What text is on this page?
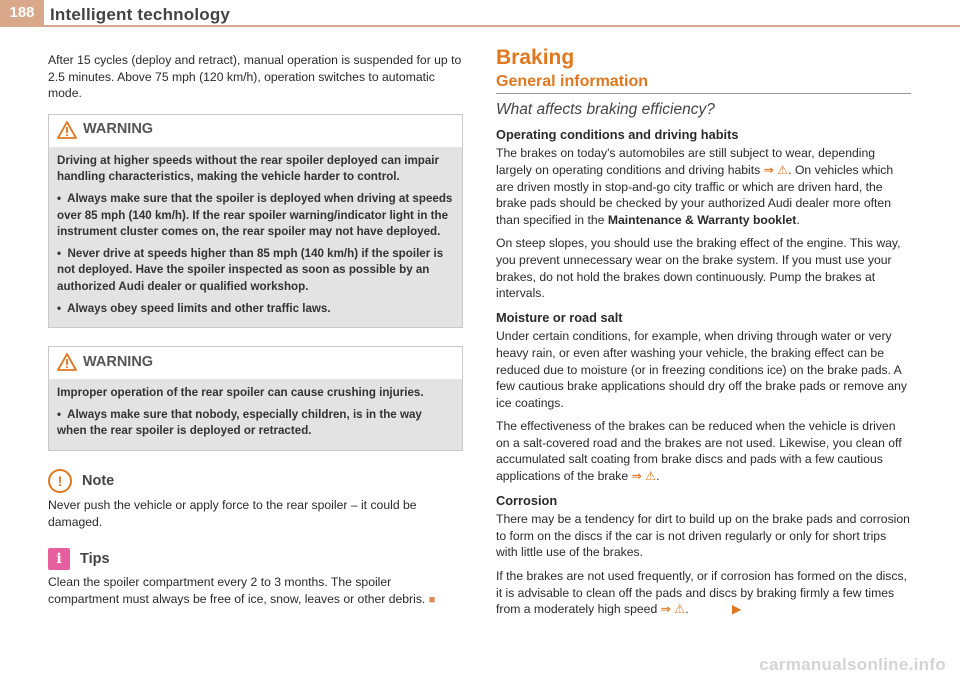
188 Intelligent technology

After 15 cycles (deploy and retract), manual operation is suspended for up to 2.5 minutes. Above 75 mph (120 km/h), operation switches to automatic mode.

WARNING

Driving at higher speeds without the rear spoiler deployed can impair handling characteristics, making the vehicle harder to control.

•  Always make sure that the spoiler is deployed when driving at speeds over 85 mph (140 km/h). If the rear spoiler warning/indicator light in the instrument cluster comes on, the rear spoiler may not have deployed.

•  Never drive at speeds higher than 85 mph (140 km/h) if the spoiler is not deployed. Have the spoiler inspected as soon as possible by an authorized Audi dealer or qualified workshop.

•  Always obey speed limits and other traffic laws.

WARNING

Improper operation of the rear spoiler can cause crushing injuries.

•  Always make sure that nobody, especially children, is in the way when the rear spoiler is deployed or retracted.

!	Note

Never push the vehicle or apply force to the rear spoiler – it could be damaged.

i	Tips

Clean the spoiler compartment every 2 to 3 months. The spoiler compartment must always be free of ice, snow, leaves or other debris. ■

Braking
General information
What affects braking efficiency?
Operating conditions and driving habits

The brakes on today's automobiles are still subject to wear, depending largely on operating conditions and driving habits ⇒ ⚠. On vehicles which are driven mostly in stop-and-go city traffic or which are driven hard, the brake pads should be checked by your authorized Audi dealer more often than specified in the Maintenance & Warranty booklet.

On steep slopes, you should use the braking effect of the engine. This way, you prevent unnecessary wear on the brake system. If you must use your brakes, do not hold the brakes down continuously. Pump the brakes at intervals.

Moisture or road salt

Under certain conditions, for example, when driving through water or very heavy rain, or even after washing your vehicle, the braking effect can be reduced due to moisture (or in freezing conditions ice) on the brake pads. A few cautious brake applications should dry off the brake pads or remove any ice coatings.

The effectiveness of the brakes can be reduced when the vehicle is driven on a salt-covered road and the brakes are not used. Likewise, you clean off accumulated salt coating from brake discs and pads with a few cautious applications of the brake ⇒ ⚠.

Corrosion

There may be a tendency for dirt to build up on the brake pads and corrosion to form on the discs if the car is not driven regularly or only for short trips with little use of the brakes.

If the brakes are not used frequently, or if corrosion has formed on the discs, it is advisable to clean off the pads and discs by braking firmly a few times from a moderately high speed ⇒ ⚠.	▶

carmanualsonline.info
